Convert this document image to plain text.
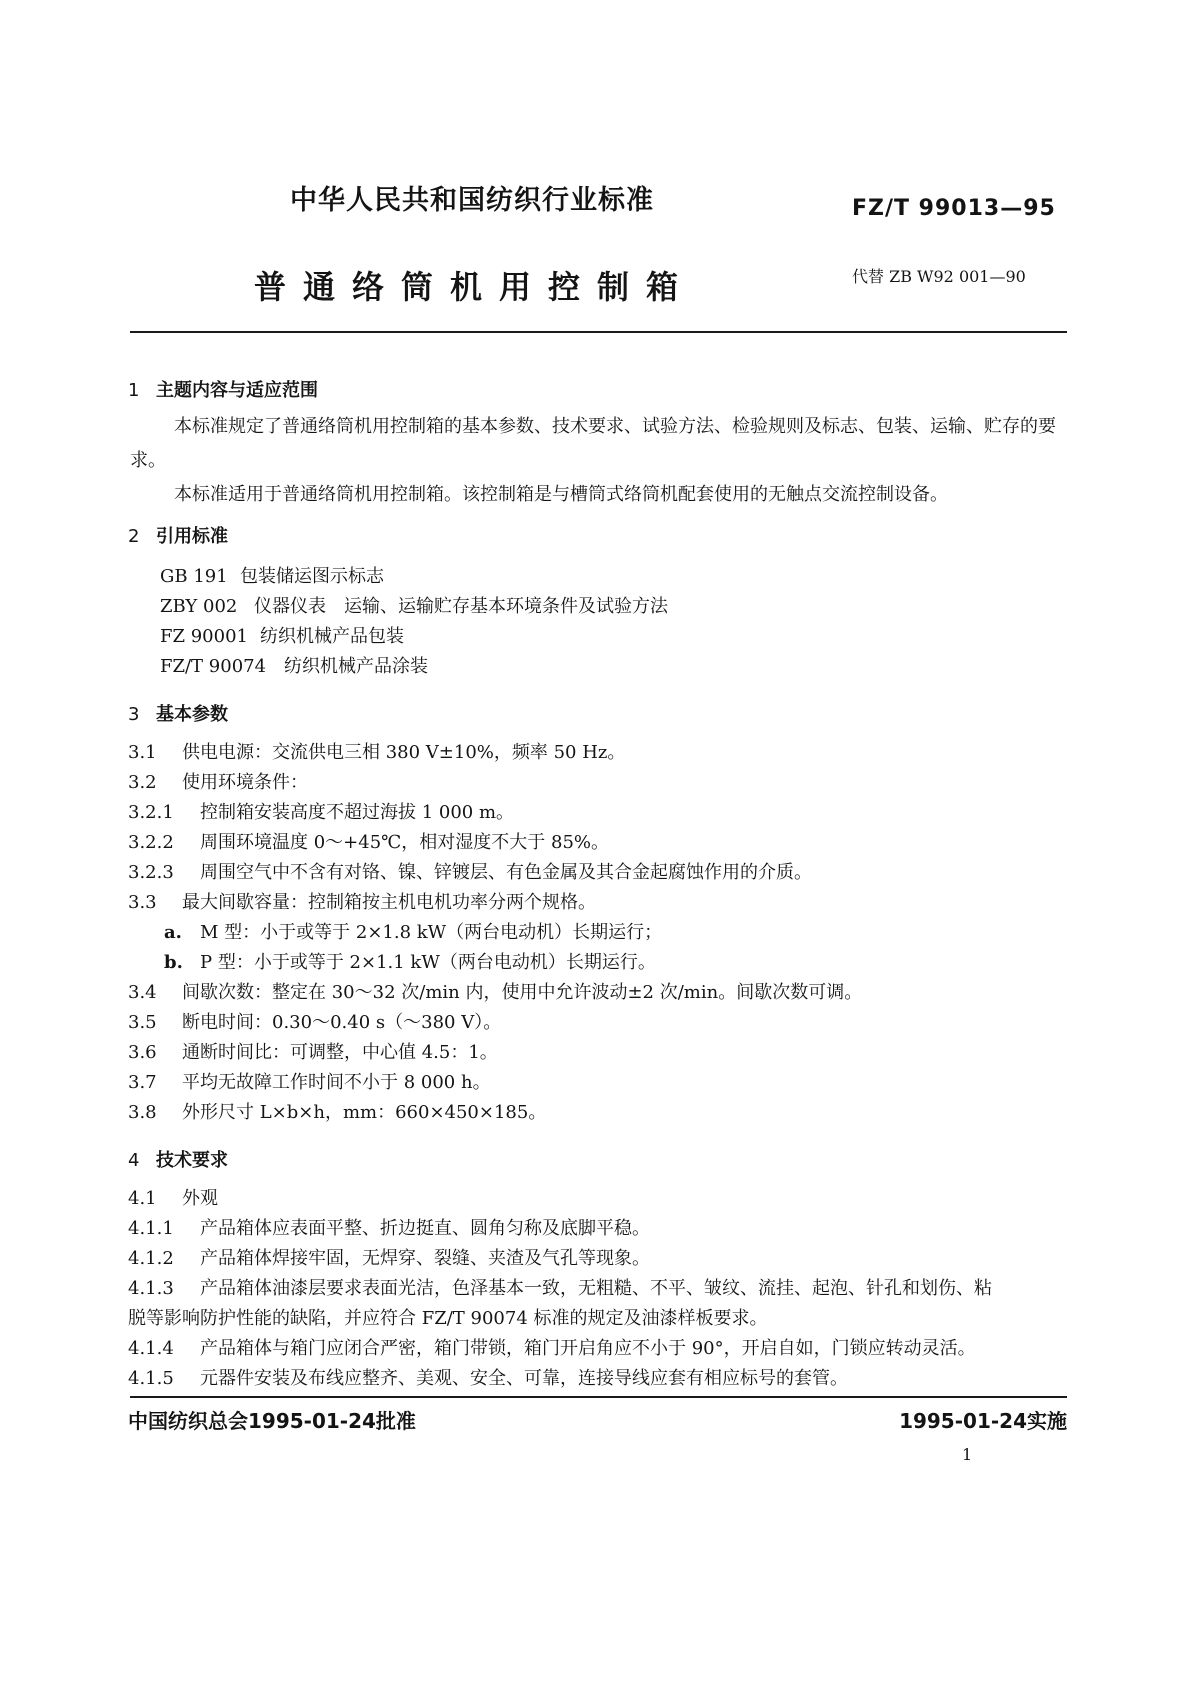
中华人民共和国纺织行业标准	FZ/T 99013—95
普通络筒机用控制箱	代替 ZB W92 001—90
1 主题内容与适应范围
本标准规定了普通络筒机用控制箱的基本参数、技术要求、试验方法、检验规则及标志、包装、运输、贮存的要求。
本标准适用于普通络筒机用控制箱。该控制箱是与槽筒式络筒机配套使用的无触点交流控制设备。
2 引用标准
GB 191 包装储运图示标志
ZBY 002 仪器仪表　运输、运输贮存基本环境条件及试验方法
FZ 90001 纺织机械产品包装
FZ/T 90074 纺织机械产品涂装
3 基本参数
3.1 供电电源：交流供电三相 380 V±10%，频率 50 Hz。
3.2 使用环境条件：
3.2.1 控制箱安装高度不超过海拔 1 000 m。
3.2.2 周围环境温度 0～+45℃，相对湿度不大于 85%。
3.2.3 周围空气中不含有对铬、镍、锌镀层、有色金属及其合金起腐蚀作用的介质。
3.3 最大间歇容量：控制箱按主机电机功率分两个规格。
a. M 型：小于或等于 2×1.8 kW（两台电动机）长期运行；
b. P 型：小于或等于 2×1.1 kW（两台电动机）长期运行。
3.4 间歇次数：整定在 30～32 次/min 内，使用中允许波动±2 次/min。间歇次数可调。
3.5 断电时间：0.30～0.40 s（～380 V）。
3.6 通断时间比：可调整，中心值 4.5：1。
3.7 平均无故障工作时间不小于 8 000 h。
3.8 外形尺寸 L×b×h，mm：660×450×185。
4 技术要求
4.1 外观
4.1.1 产品箱体应表面平整、折边挺直、圆角匀称及底脚平稳。
4.1.2 产品箱体焊接牢固，无焊穿、裂缝、夹渣及气孔等现象。
4.1.3 产品箱体油漆层要求表面光洁，色泽基本一致，无粗糙、不平、皱纹、流挂、起泡、针孔和划伤、粘
脱等影响防护性能的缺陷，并应符合 FZ/T 90074 标准的规定及油漆样板要求。
4.1.4 产品箱体与箱门应闭合严密，箱门带锁，箱门开启角应不小于 90°，开启自如，门锁应转动灵活。
4.1.5 元器件安装及布线应整齐、美观、安全、可靠，连接导线应套有相应标号的套管。
中国纺织总会1995-01-24批准	1995-01-24实施
1
